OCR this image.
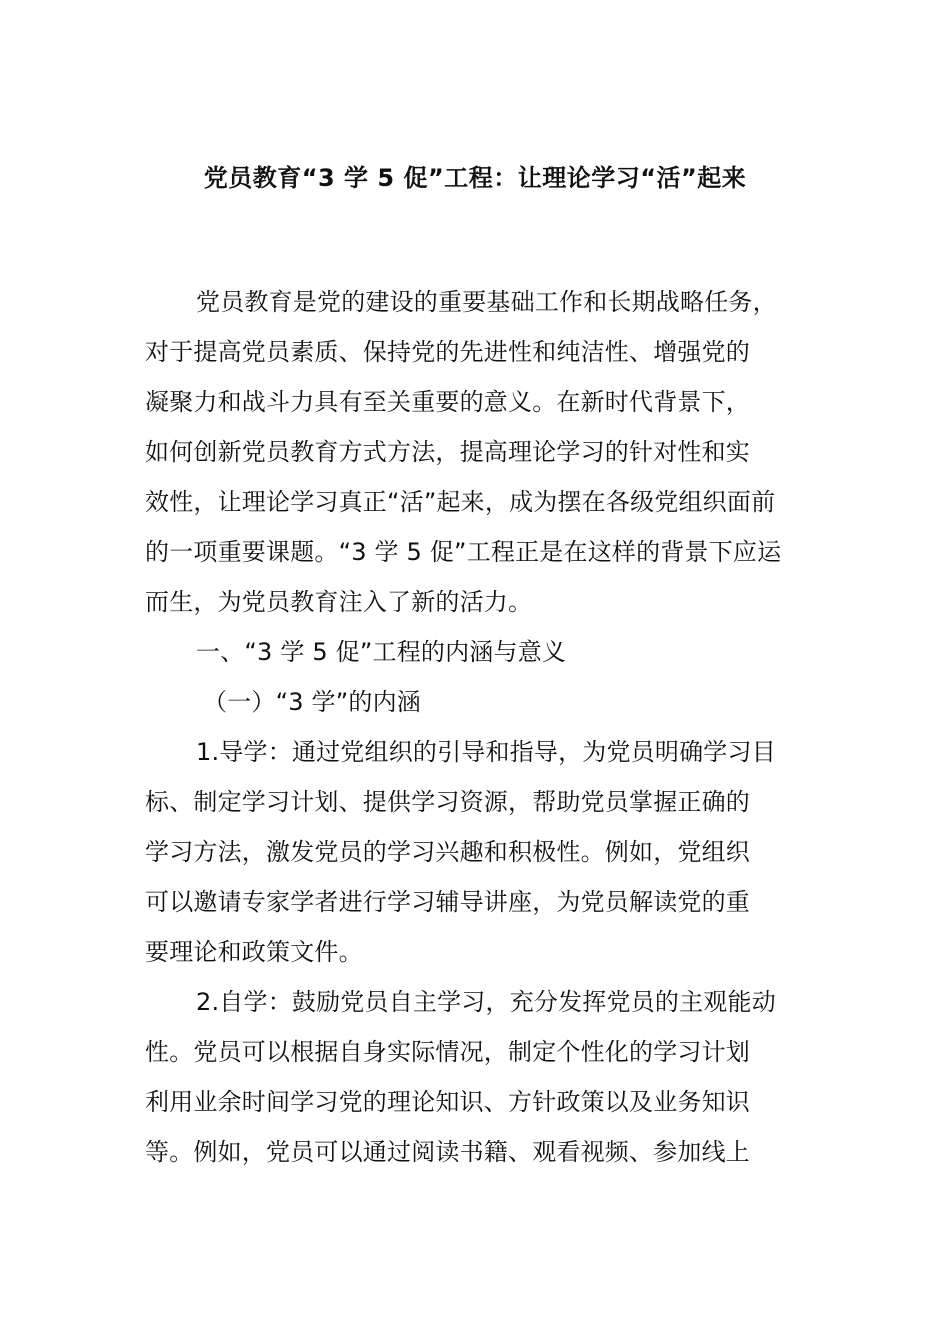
党员教育“3 学 5 促”工程：让理论学习“活”起来
党员教育是党的建设的重要基础工作和长期战略任务，
对于提高党员素质、保持党的先进性和纯洁性、增强党的
凝聚力和战斗力具有至关重要的意义。在新时代背景下，
如何创新党员教育方式方法，提高理论学习的针对性和实
效性，让理论学习真正“活”起来，成为摆在各级党组织面前
的一项重要课题。“3 学 5 促”工程正是在这样的背景下应运
而生，为党员教育注入了新的活力。
一、“3 学 5 促”工程的内涵与意义
（一）“3 学”的内涵
1.导学：通过党组织的引导和指导，为党员明确学习目
标、制定学习计划、提供学习资源，帮助党员掌握正确的
学习方法，激发党员的学习兴趣和积极性。例如，党组织
可以邀请专家学者进行学习辅导讲座，为党员解读党的重
要理论和政策文件。
2.自学：鼓励党员自主学习，充分发挥党员的主观能动
性。党员可以根据自身实际情况，制定个性化的学习计划
利用业余时间学习党的理论知识、方针政策以及业务知识
等。例如，党员可以通过阅读书籍、观看视频、参加线上
